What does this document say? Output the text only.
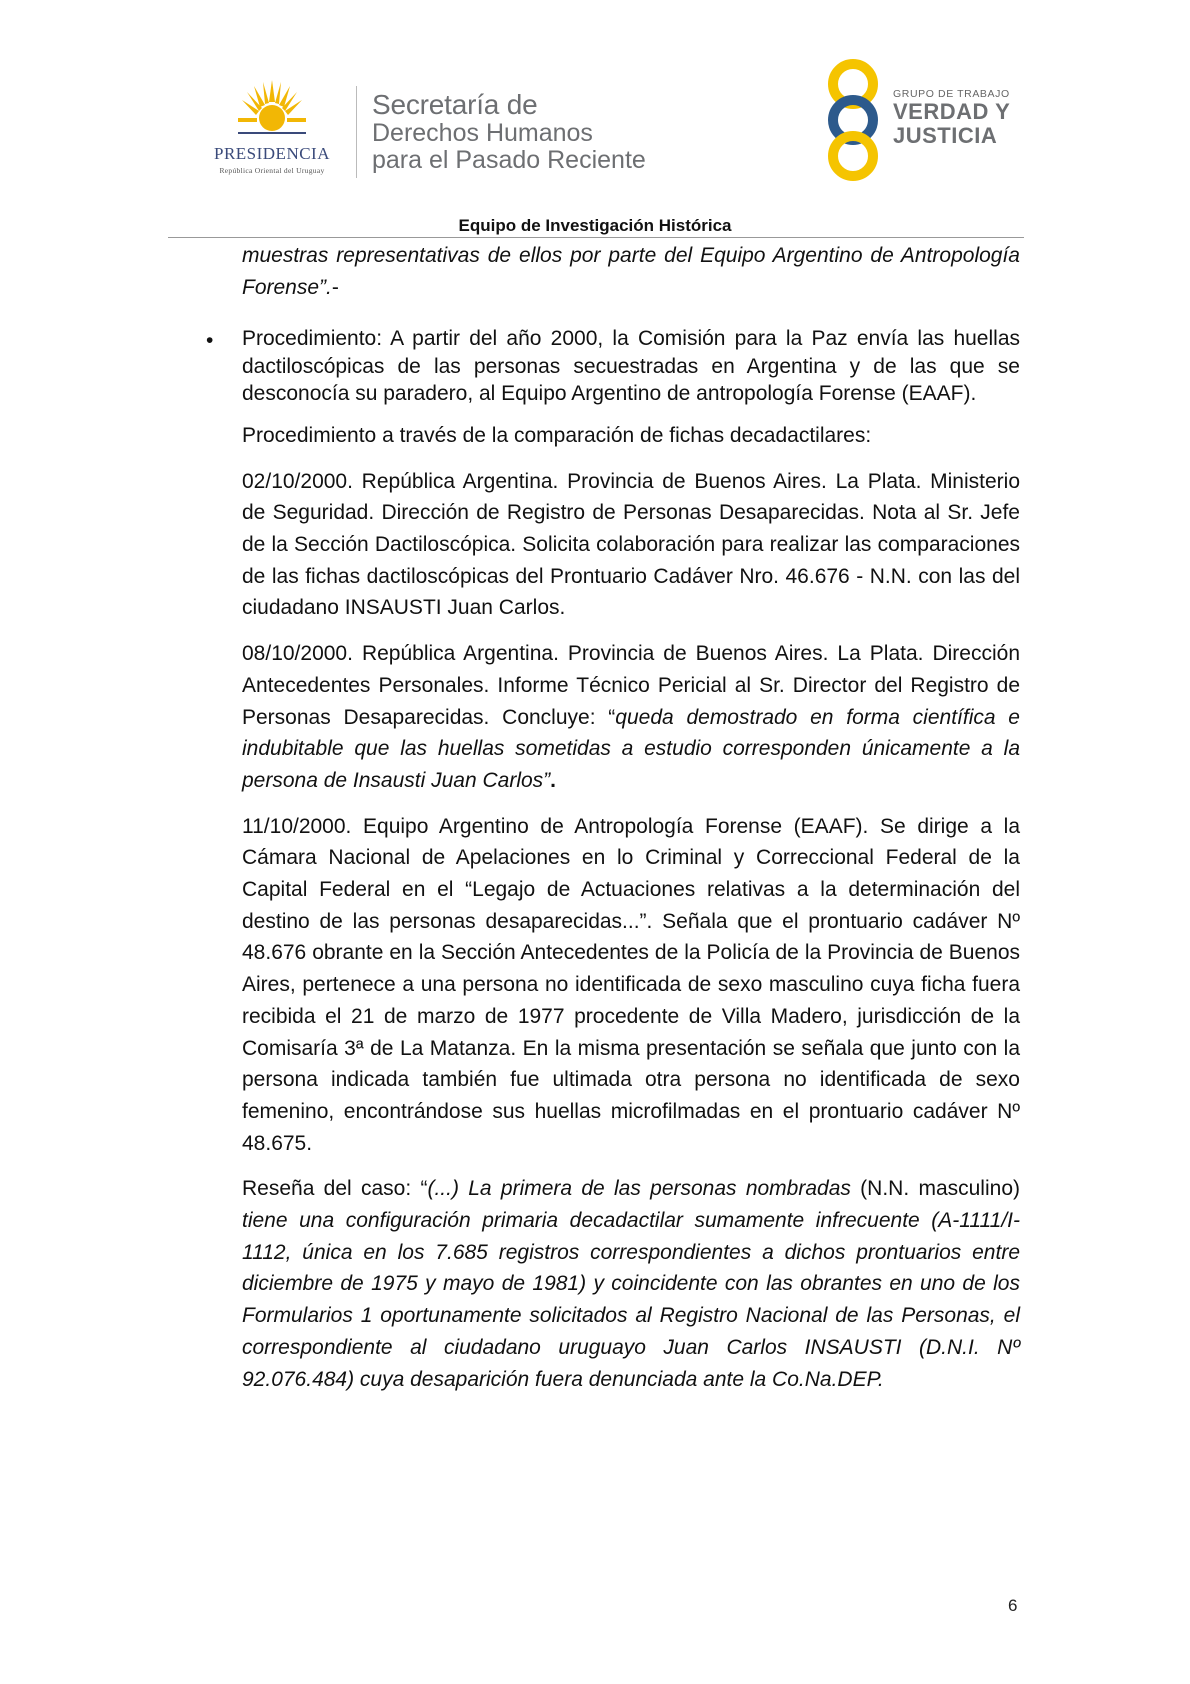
PRESIDENCIA
República Oriental del Uruguay
Secretaría de
Derechos Humanos
para el Pasado Reciente
GRUPO DE TRABAJO
VERDAD Y
JUSTICIA
Equipo de Investigación Histórica

muestras representativas de ellos por parte del Equipo Argentino de Antropología Forense”.-

• Procedimiento: A partir del año 2000, la Comisión para la Paz envía las huellas dactiloscópicas de las personas secuestradas en Argentina y de las que se desconocía su paradero, al Equipo Argentino de antropología Forense (EAAF).

Procedimiento a través de la comparación de fichas decadactilares:

02/10/2000. República Argentina. Provincia de Buenos Aires. La Plata. Ministerio de Seguridad. Dirección de Registro de Personas Desaparecidas. Nota al Sr. Jefe de la Sección Dactiloscópica. Solicita colaboración para realizar las comparaciones de las fichas dactiloscópicas del Prontuario Cadáver Nro. 46.676 - N.N. con las del ciudadano INSAUSTI Juan Carlos.

08/10/2000. República Argentina. Provincia de Buenos Aires. La Plata. Dirección Antecedentes Personales. Informe Técnico Pericial al Sr. Director del Registro de Personas Desaparecidas. Concluye: “queda demostrado en forma científica e indubitable que las huellas sometidas a estudio corresponden únicamente a la persona de Insausti Juan Carlos”.

11/10/2000. Equipo Argentino de Antropología Forense (EAAF). Se dirige a la Cámara Nacional de Apelaciones en lo Criminal y Correccional Federal de la Capital Federal en el “Legajo de Actuaciones relativas a la determinación del destino de las personas desaparecidas...”. Señala que el prontuario cadáver Nº 48.676 obrante en la Sección Antecedentes de la Policía de la Provincia de Buenos Aires, pertenece a una persona no identificada de sexo masculino cuya ficha fuera recibida el 21 de marzo de 1977 procedente de Villa Madero, jurisdicción de la Comisaría 3ª de La Matanza. En la misma presentación se señala que junto con la persona indicada también fue ultimada otra persona no identificada de sexo femenino, encontrándose sus huellas microfilmadas en el prontuario cadáver Nº 48.675.

Reseña del caso: “(...) La primera de las personas nombradas (N.N. masculino) tiene una configuración primaria decadactilar sumamente infrecuente (A-1111/I-1112, única en los 7.685 registros correspondientes a dichos prontuarios entre diciembre de 1975 y mayo de 1981) y coincidente con las obrantes en uno de los Formularios 1 oportunamente solicitados al Registro Nacional de las Personas, el correspondiente al ciudadano uruguayo Juan Carlos INSAUSTI (D.N.I. Nº 92.076.484) cuya desaparición fuera denunciada ante la Co.Na.DEP.

6
